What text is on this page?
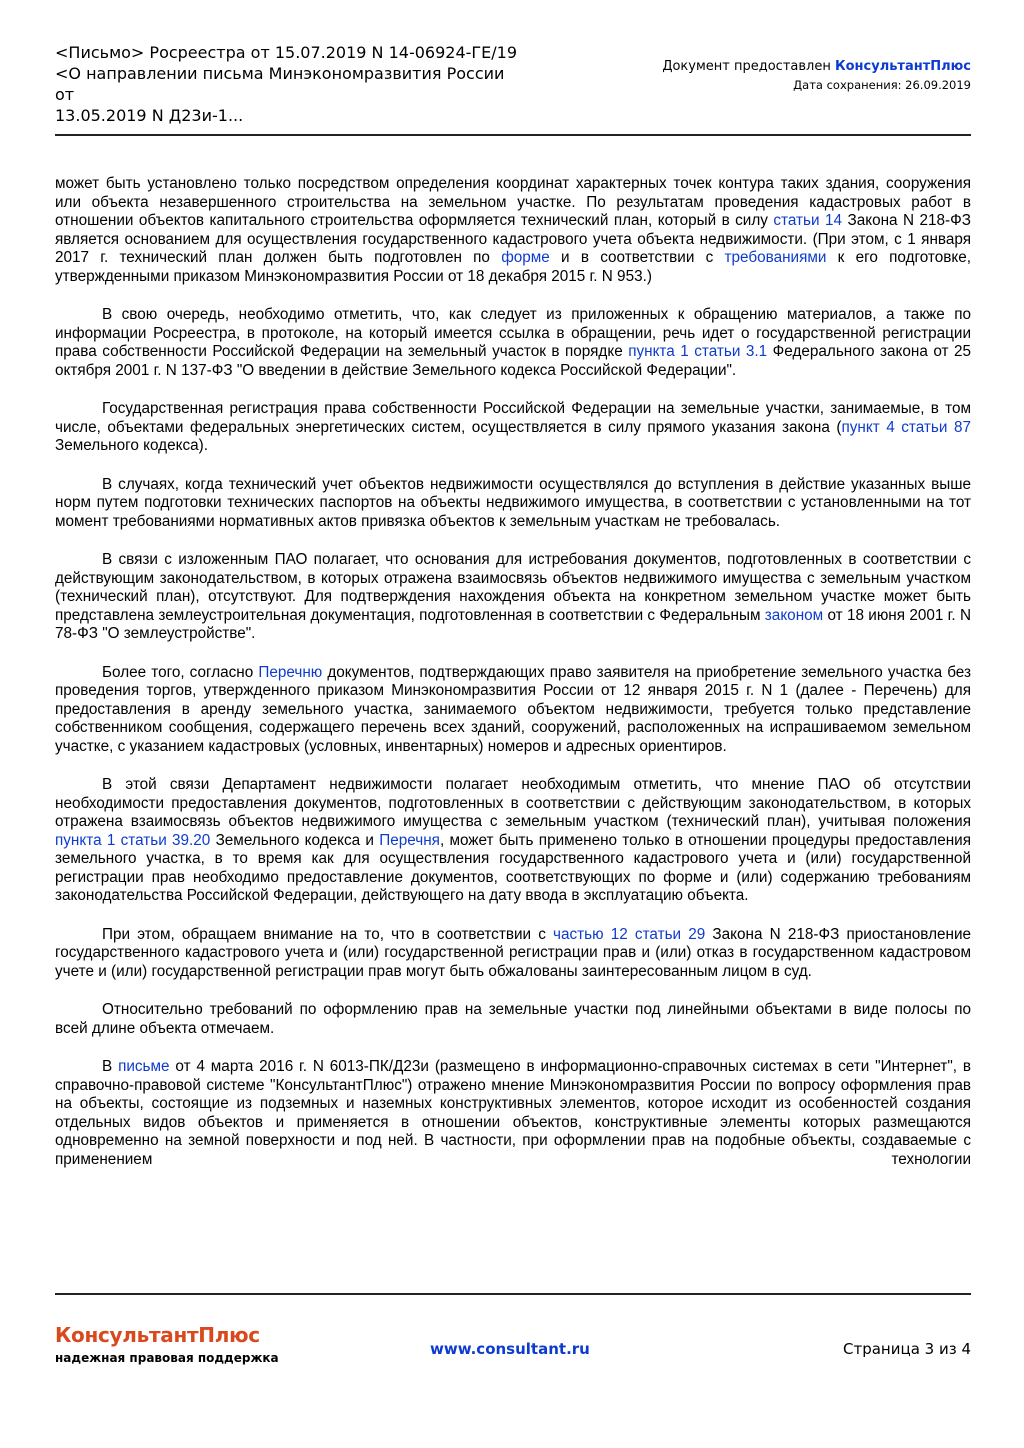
<Письмо> Росреестра от 15.07.2019 N 14-06924-ГЕ/19
<О направлении письма Минэкономразвития России от
13.05.2019 N Д23и-1...
Документ предоставлен КонсультантПлюс
Дата сохранения: 26.09.2019

может быть установлено только посредством определения координат характерных точек контура таких здания, сооружения или объекта незавершенного строительства на земельном участке. По результатам проведения кадастровых работ в отношении объектов капитального строительства оформляется технический план, который в силу статьи 14 Закона N 218-ФЗ является основанием для осуществления государственного кадастрового учета объекта недвижимости. (При этом, с 1 января 2017 г. технический план должен быть подготовлен по форме и в соответствии с требованиями к его подготовке, утвержденными приказом Минэкономразвития России от 18 декабря 2015 г. N 953.)

В свою очередь, необходимо отметить, что, как следует из приложенных к обращению материалов, а также по информации Росреестра, в протоколе, на который имеется ссылка в обращении, речь идет о государственной регистрации права собственности Российской Федерации на земельный участок в порядке пункта 1 статьи 3.1 Федерального закона от 25 октября 2001 г. N 137-ФЗ "О введении в действие Земельного кодекса Российской Федерации".

Государственная регистрация права собственности Российской Федерации на земельные участки, занимаемые, в том числе, объектами федеральных энергетических систем, осуществляется в силу прямого указания закона (пункт 4 статьи 87 Земельного кодекса).

В случаях, когда технический учет объектов недвижимости осуществлялся до вступления в действие указанных выше норм путем подготовки технических паспортов на объекты недвижимого имущества, в соответствии с установленными на тот момент требованиями нормативных актов привязка объектов к земельным участкам не требовалась.

В связи с изложенным ПАО полагает, что основания для истребования документов, подготовленных в соответствии с действующим законодательством, в которых отражена взаимосвязь объектов недвижимого имущества с земельным участком (технический план), отсутствуют. Для подтверждения нахождения объекта на конкретном земельном участке может быть представлена землеустроительная документация, подготовленная в соответствии с Федеральным законом от 18 июня 2001 г. N 78-ФЗ "О землеустройстве".

Более того, согласно Перечню документов, подтверждающих право заявителя на приобретение земельного участка без проведения торгов, утвержденного приказом Минэкономразвития России от 12 января 2015 г. N 1 (далее - Перечень) для предоставления в аренду земельного участка, занимаемого объектом недвижимости, требуется только представление собственником сообщения, содержащего перечень всех зданий, сооружений, расположенных на испрашиваемом земельном участке, с указанием кадастровых (условных, инвентарных) номеров и адресных ориентиров.

В этой связи Департамент недвижимости полагает необходимым отметить, что мнение ПАО об отсутствии необходимости предоставления документов, подготовленных в соответствии с действующим законодательством, в которых отражена взаимосвязь объектов недвижимого имущества с земельным участком (технический план), учитывая положения пункта 1 статьи 39.20 Земельного кодекса и Перечня, может быть применено только в отношении процедуры предоставления земельного участка, в то время как для осуществления государственного кадастрового учета и (или) государственной регистрации прав необходимо предоставление документов, соответствующих по форме и (или) содержанию требованиям законодательства Российской Федерации, действующего на дату ввода в эксплуатацию объекта.

При этом, обращаем внимание на то, что в соответствии с частью 12 статьи 29 Закона N 218-ФЗ приостановление государственного кадастрового учета и (или) государственной регистрации прав и (или) отказ в государственном кадастровом учете и (или) государственной регистрации прав могут быть обжалованы заинтересованным лицом в суд.

Относительно требований по оформлению прав на земельные участки под линейными объектами в виде полосы по всей длине объекта отмечаем.

В письме от 4 марта 2016 г. N 6013-ПК/Д23и (размещено в информационно-справочных системах в сети "Интернет", в справочно-правовой системе "КонсультантПлюс") отражено мнение Минэкономразвития России по вопросу оформления прав на объекты, состоящие из подземных и наземных конструктивных элементов, которое исходит из особенностей создания отдельных видов объектов и применяется в отношении объектов, конструктивные элементы которых размещаются одновременно на земной поверхности и под ней. В частности, при оформлении прав на подобные объекты, создаваемые с применением технологии

КонсультантПлюс
надежная правовая поддержка	www.consultant.ru	Страница 3 из 4
